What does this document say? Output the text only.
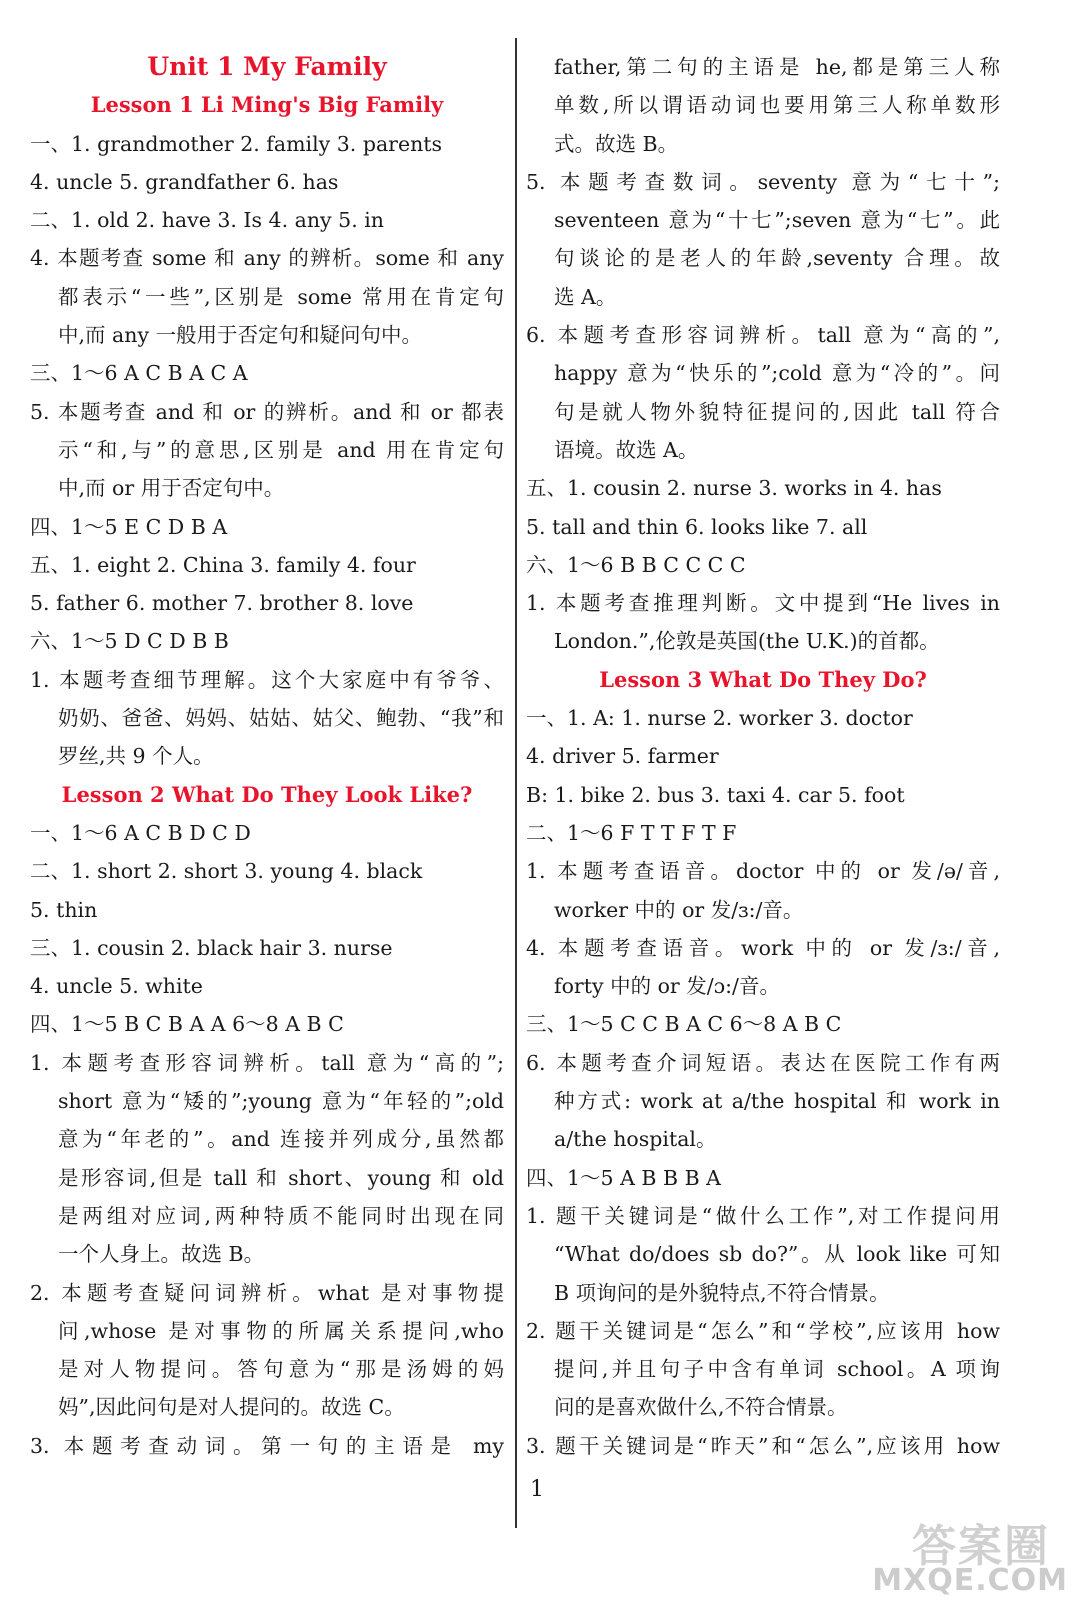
Unit 1 My Family
Lesson 1 Li Ming's Big Family
一、1. grandmother 2. family 3. parents
4. uncle 5. grandfather 6. has
二、1. old 2. have 3. Is 4. any 5. in
4. 本题考查 some 和 any 的辨析。some 和 any
都表示“一些”,区别是 some 常用在肯定句
中,而 any 一般用于否定句和疑问句中。
三、1～6 A C B A C A
5. 本题考查 and 和 or 的辨析。and 和 or 都表
示“和,与”的意思,区别是 and 用在肯定句
中,而 or 用于否定句中。
四、1～5 E C D B A
五、1. eight 2. China 3. family 4. four
5. father 6. mother 7. brother 8. love
六、1～5 D C D B B
1. 本题考查细节理解。这个大家庭中有爷爷、
奶奶、爸爸、妈妈、姑姑、姑父、鲍勃、“我”和
罗丝,共 9 个人。
Lesson 2 What Do They Look Like?
一、1～6 A C B D C D
二、1. short 2. short 3. young 4. black
5. thin
三、1. cousin 2. black hair 3. nurse
4. uncle 5. white
四、1～5 B C B A A 6～8 A B C
1. 本题考查形容词辨析。tall 意为“高的”;
short 意为“矮的”;young 意为“年轻的”;old
意为“年老的”。and 连接并列成分,虽然都
是形容词,但是 tall 和 short、young 和 old
是两组对应词,两种特质不能同时出现在同
一个人身上。故选 B。
2. 本题考查疑问词辨析。what 是对事物提
问,whose 是对事物的所属关系提问,who
是对人物提问。答句意为“那是汤姆的妈
妈”,因此问句是对人提问的。故选 C。
3. 本题考查动词。第一句的主语是 my
father,第二句的主语是 he,都是第三人称
单数,所以谓语动词也要用第三人称单数形
式。故选 B。
5. 本题考查数词。seventy 意为“七十”;
seventeen 意为“十七”;seven 意为“七”。此
句谈论的是老人的年龄,seventy 合理。故
选 A。
6. 本题考查形容词辨析。tall 意为“高的”,
happy 意为“快乐的”;cold 意为“冷的”。问
句是就人物外貌特征提问的,因此 tall 符合
语境。故选 A。
五、1. cousin 2. nurse 3. works in 4. has
5. tall and thin 6. looks like 7. all
六、1～6 B B C C C C
1. 本题考查推理判断。文中提到“He lives in
London.”,伦敦是英国(the U.K.)的首都。
Lesson 3 What Do They Do?
一、1. A: 1. nurse 2. worker 3. doctor
4. driver 5. farmer
B: 1. bike 2. bus 3. taxi 4. car 5. foot
二、1～6 F T T F T F
1. 本题考查语音。doctor 中的 or 发/ə/音,
worker 中的 or 发/ɜ:/音。
4. 本题考查语音。work 中的 or 发/ɜ:/音,
forty 中的 or 发/ɔ:/音。
三、1～5 C C B A C 6～8 A B C
6. 本题考查介词短语。表达在医院工作有两
种方式: work at a/the hospital 和 work in
a/the hospital。
四、1～5 A B B B A
1. 题干关键词是“做什么工作”,对工作提问用
“What do/does sb do?”。从 look like 可知
B 项询问的是外貌特点,不符合情景。
2. 题干关键词是“怎么”和“学校”,应该用 how
提问,并且句子中含有单词 school。A 项询
问的是喜欢做什么,不符合情景。
3. 题干关键词是“昨天”和“怎么”,应该用 how
1
答案圈
MXQE.COM
